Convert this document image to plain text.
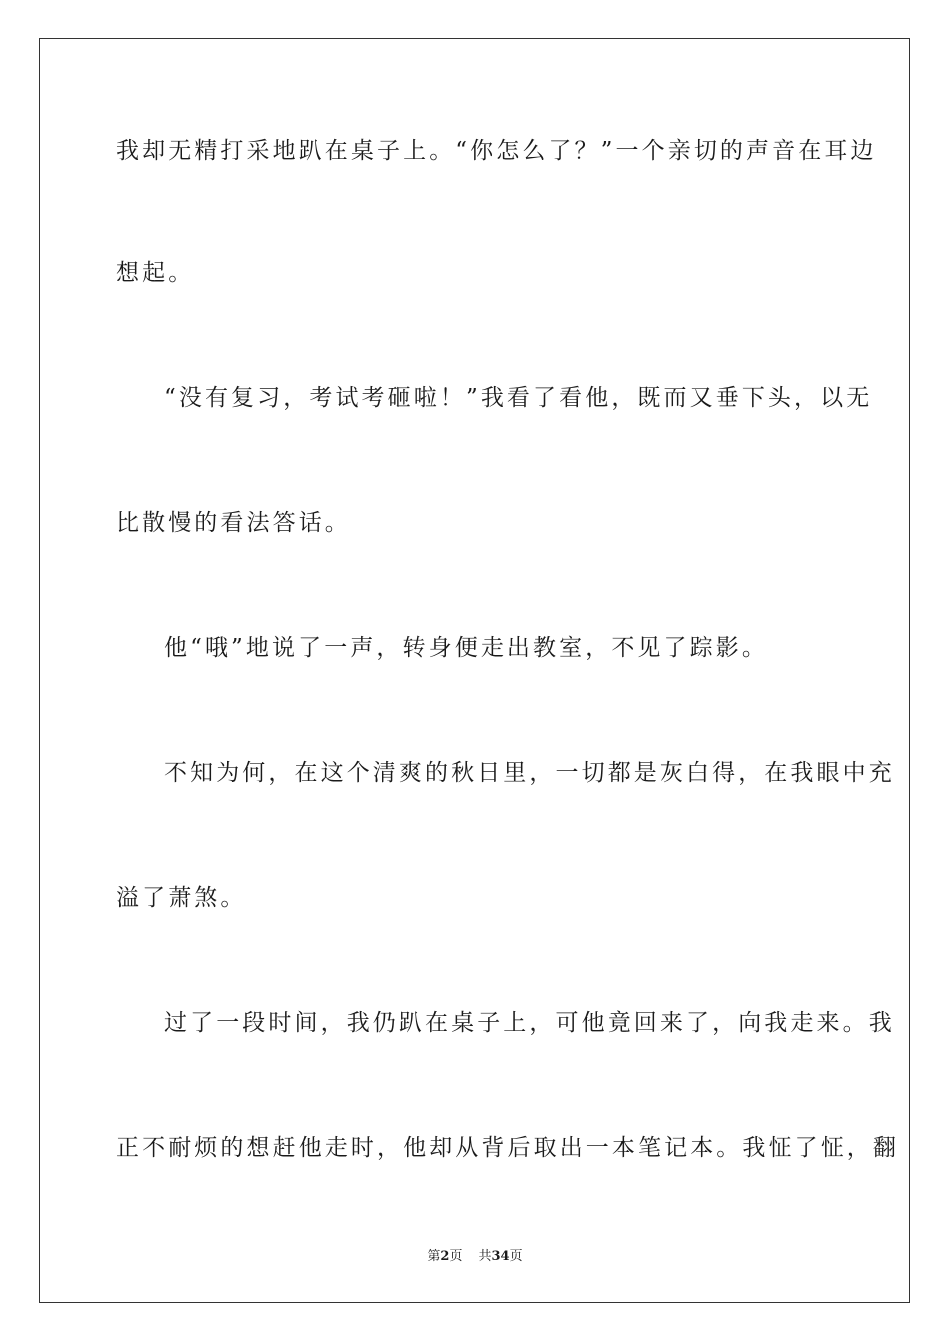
我却无精打采地趴在桌子上。“你怎么了？”一个亲切的声音在耳边
想起。
“没有复习，考试考砸啦！”我看了看他，既而又垂下头，以无
比散慢的看法答话。
他“哦”地说了一声，转身便走出教室，不见了踪影。
不知为何，在这个清爽的秋日里，一切都是灰白得，在我眼中充
溢了萧煞。
过了一段时间，我仍趴在桌子上，可他竟回来了，向我走来。我
正不耐烦的想赶他走时，他却从背后取出一本笔记本。我怔了怔，翻
第2页 共34页
